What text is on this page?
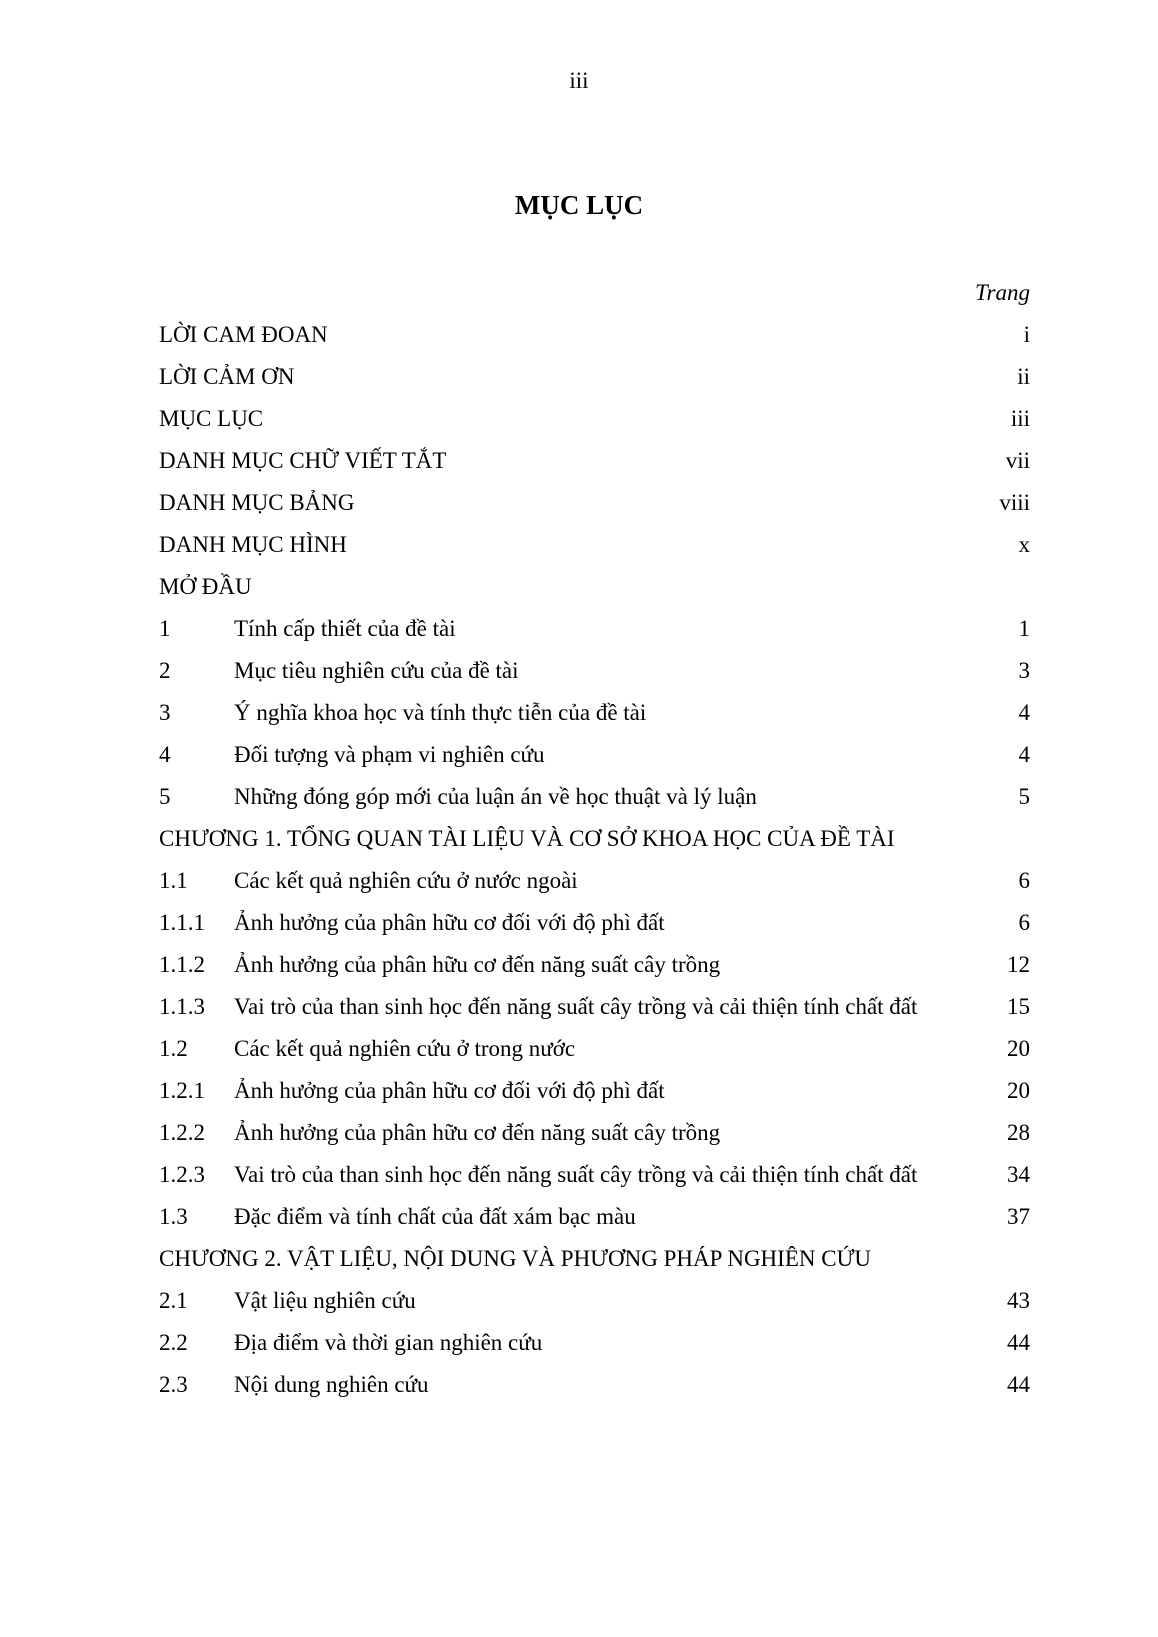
iii
MỤC LỤC
Trang
LỜI CAM ĐOAN	i
LỜI CẢM ƠN	ii
MỤC LỤC	iii
DANH MỤC CHỮ VIẾT TẮT	vii
DANH MỤC BẢNG	viii
DANH MỤC HÌNH	x
MỞ ĐẦU
1	Tính cấp thiết của đề tài	1
2	Mục tiêu nghiên cứu của đề tài	3
3	Ý nghĩa khoa học và tính thực tiễn của đề tài	4
4	Đối tượng và phạm vi nghiên cứu	4
5	Những đóng góp mới của luận án về học thuật và lý luận	5
CHƯƠNG 1. TỔNG QUAN TÀI LIỆU VÀ CƠ SỞ KHOA HỌC CỦA ĐỀ TÀI
1.1	Các kết quả nghiên cứu ở nước ngoài	6
1.1.1	Ảnh hưởng của phân hữu cơ đối với độ phì đất	6
1.1.2	Ảnh hưởng của phân hữu cơ đến năng suất cây trồng	12
1.1.3	Vai trò của than sinh học đến năng suất cây trồng và cải thiện tính chất đất	15
1.2	Các kết quả nghiên cứu ở trong nước	20
1.2.1	Ảnh hưởng của phân hữu cơ đối với độ phì đất	20
1.2.2	Ảnh hưởng của phân hữu cơ đến năng suất cây trồng	28
1.2.3	Vai trò của than sinh học đến năng suất cây trồng và cải thiện tính chất đất	34
1.3	Đặc điểm và tính chất của đất xám bạc màu	37
CHƯƠNG 2. VẬT LIỆU, NỘI DUNG VÀ PHƯƠNG PHÁP NGHIÊN CỨU
2.1	Vật liệu nghiên cứu	43
2.2	Địa điểm và thời gian nghiên cứu	44
2.3	Nội dung nghiên cứu	44
